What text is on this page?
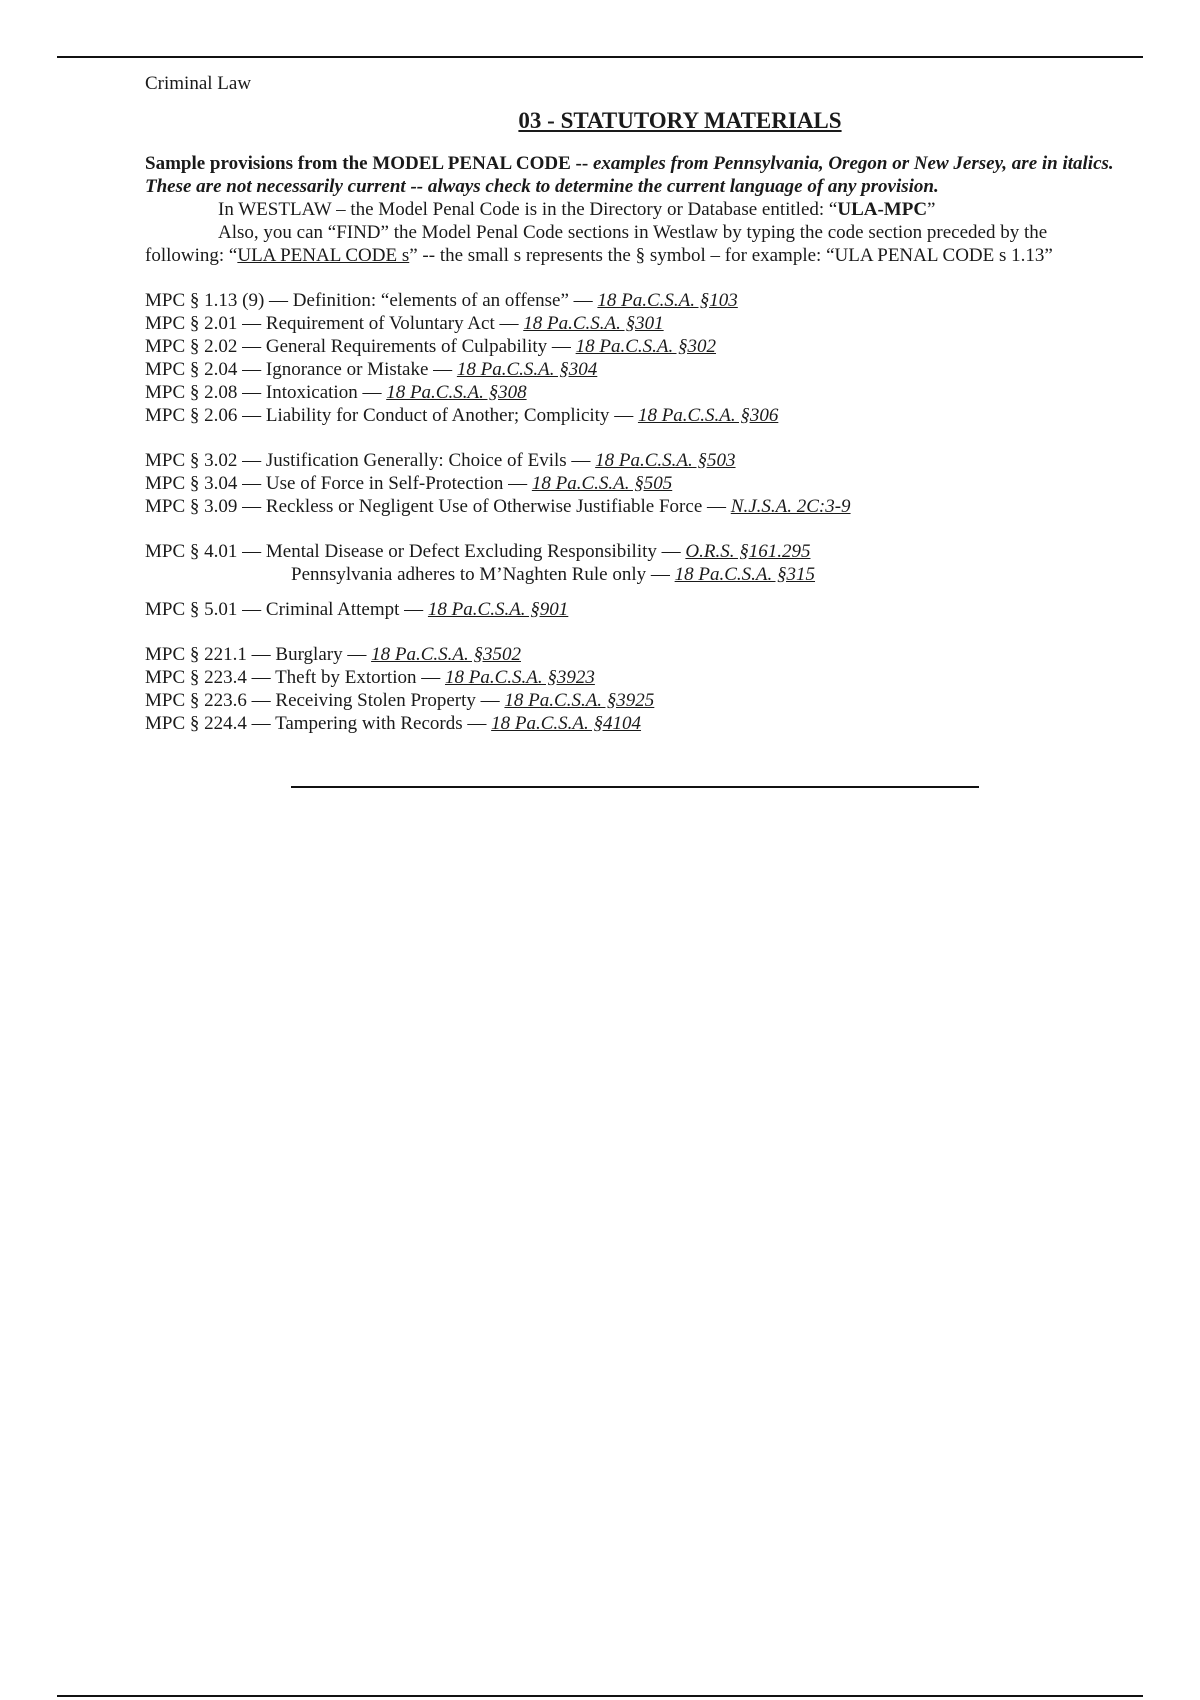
Criminal Law

03 - STATUTORY MATERIALS

Sample provisions from the MODEL PENAL CODE -- examples from Pennsylvania, Oregon or New Jersey, are in italics. These are not necessarily current -- always check to determine the current language of any provision.

In WESTLAW – the Model Penal Code is in the Directory or Database entitled: “ULA-MPC”

Also, you can “FIND” the Model Penal Code sections in Westlaw by typing the code section preceded by the following: “ULA PENAL CODE s” -- the small s represents the § symbol – for example: “ULA PENAL CODE s 1.13”

MPC § 1.13 (9) — Definition: “elements of an offense” — 18 Pa.C.S.A. §103

MPC § 2.01 — Requirement of Voluntary Act — 18 Pa.C.S.A. §301

MPC § 2.02 — General Requirements of Culpability — 18 Pa.C.S.A. §302

MPC § 2.04 — Ignorance or Mistake — 18 Pa.C.S.A. §304

MPC § 2.08 — Intoxication — 18 Pa.C.S.A. §308

MPC § 2.06 — Liability for Conduct of Another; Complicity — 18 Pa.C.S.A. §306

MPC § 3.02 — Justification Generally: Choice of Evils — 18 Pa.C.S.A. §503

MPC § 3.04 — Use of Force in Self-Protection — 18 Pa.C.S.A. §505

MPC § 3.09 — Reckless or Negligent Use of Otherwise Justifiable Force — N.J.S.A. 2C:3-9

MPC § 4.01 — Mental Disease or Defect Excluding Responsibility — O.R.S. §161.295

Pennsylvania adheres to M’Naghten Rule only — 18 Pa.C.S.A. §315

MPC § 5.01 — Criminal Attempt — 18 Pa.C.S.A. §901

MPC § 221.1 — Burglary — 18 Pa.C.S.A. §3502

MPC § 223.4 — Theft by Extortion — 18 Pa.C.S.A. §3923

MPC § 223.6 — Receiving Stolen Property — 18 Pa.C.S.A. §3925

MPC § 224.4 — Tampering with Records — 18 Pa.C.S.A. §4104
